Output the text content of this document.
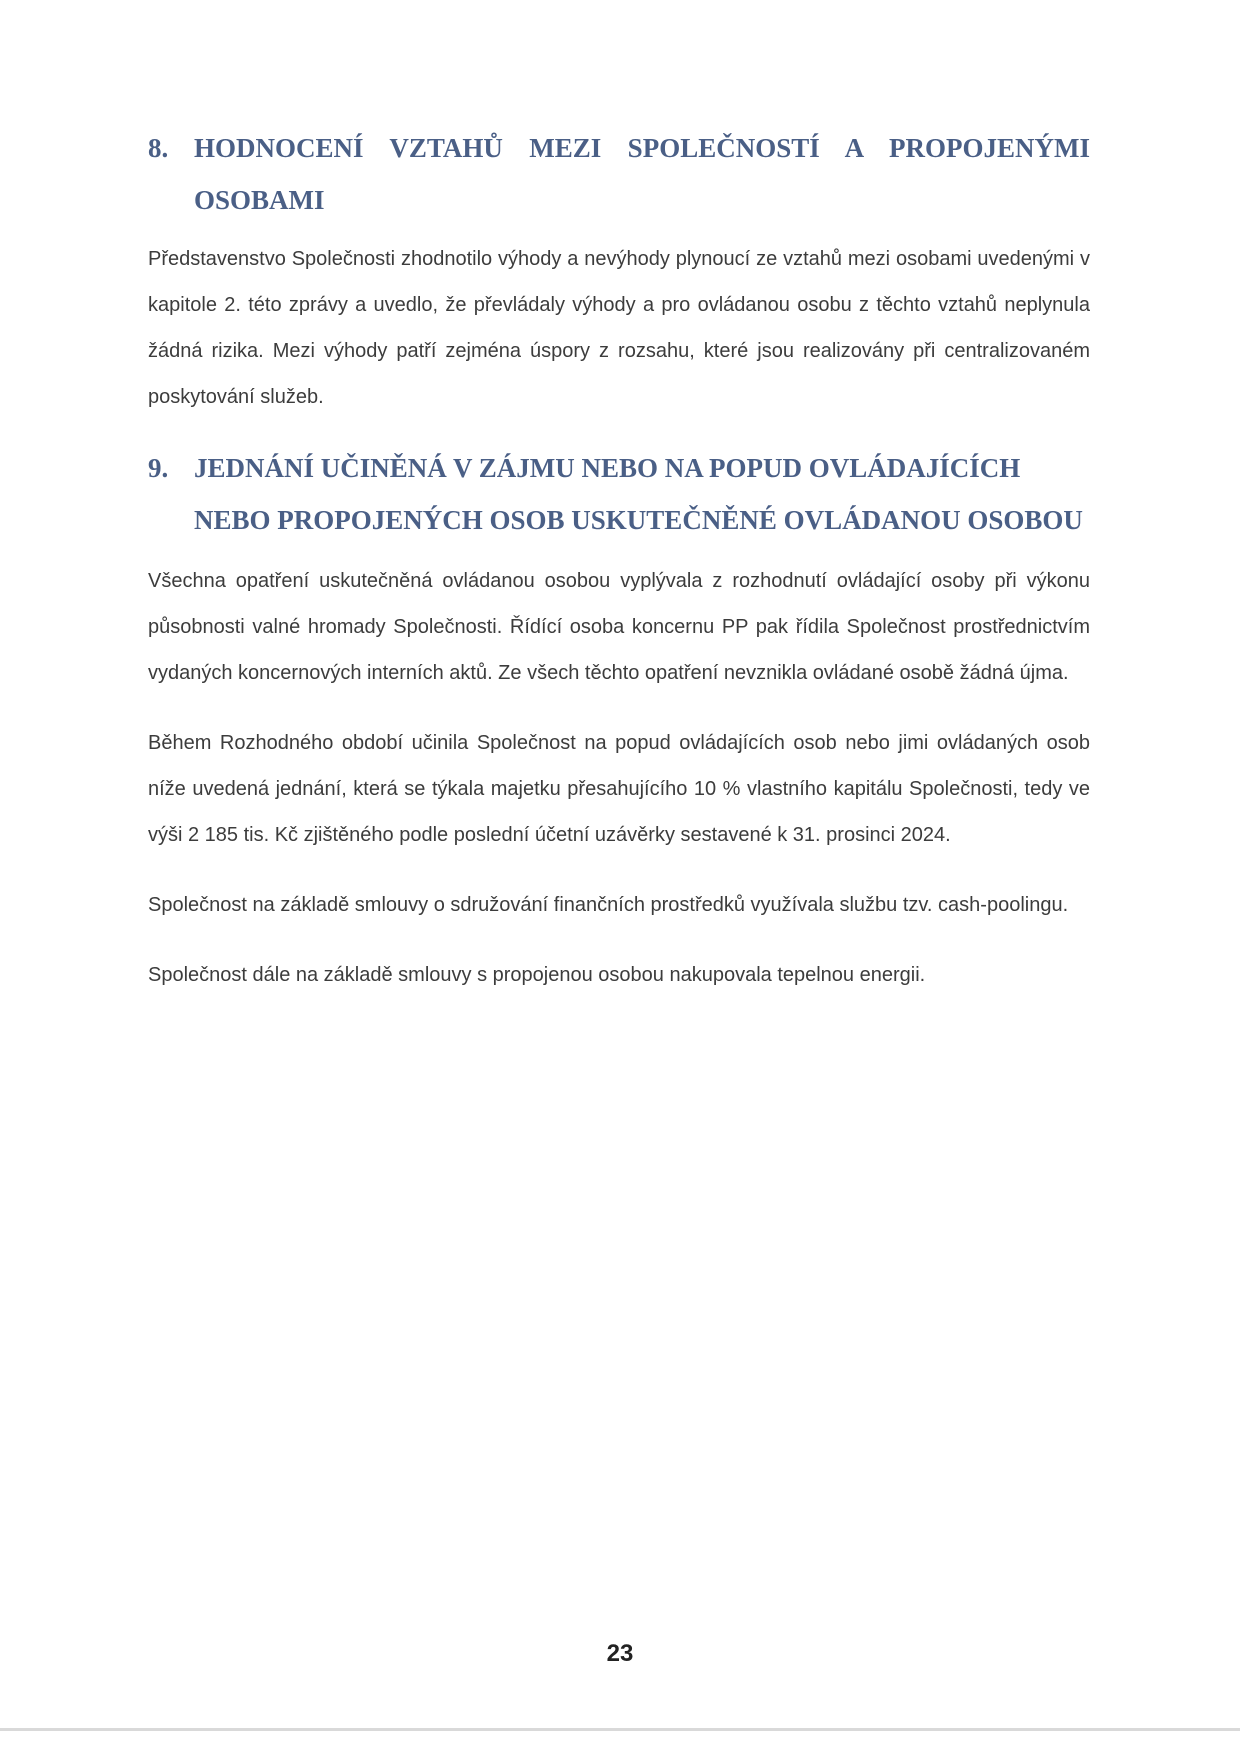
8. HODNOCENÍ VZTAHŮ MEZI SPOLEČNOSTÍ A PROPOJENÝMI OSOBAMI

Představenstvo Společnosti zhodnotilo výhody a nevýhody plynoucí ze vztahů mezi osobami uvedenými v kapitole 2. této zprávy a uvedlo, že převládaly výhody a pro ovládanou osobu z těchto vztahů neplynula žádná rizika. Mezi výhody patří zejména úspory z rozsahu, které jsou realizovány při centralizovaném poskytování služeb.

9. JEDNÁNÍ UČINĚNÁ V ZÁJMU NEBO NA POPUD OVLÁDAJÍCÍCH NEBO PROPOJENÝCH OSOB USKUTEČNĚNÉ OVLÁDANOU OSOBOU

Všechna opatření uskutečněná ovládanou osobou vyplývala z rozhodnutí ovládající osoby při výkonu působnosti valné hromady Společnosti. Řídící osoba koncernu PP pak řídila Společnost prostřednictvím vydaných koncernových interních aktů. Ze všech těchto opatření nevznikla ovládané osobě žádná újma.

Během Rozhodného období učinila Společnost na popud ovládajících osob nebo jimi ovládaných osob níže uvedená jednání, která se týkala majetku přesahujícího 10 % vlastního kapitálu Společnosti, tedy ve výši 2 185 tis. Kč zjištěného podle poslední účetní uzávěrky sestavené k 31. prosinci 2024.

Společnost na základě smlouvy o sdružování finančních prostředků využívala službu tzv. cash-poolingu.

Společnost dále na základě smlouvy s propojenou osobou nakupovala tepelnou energii.

23
